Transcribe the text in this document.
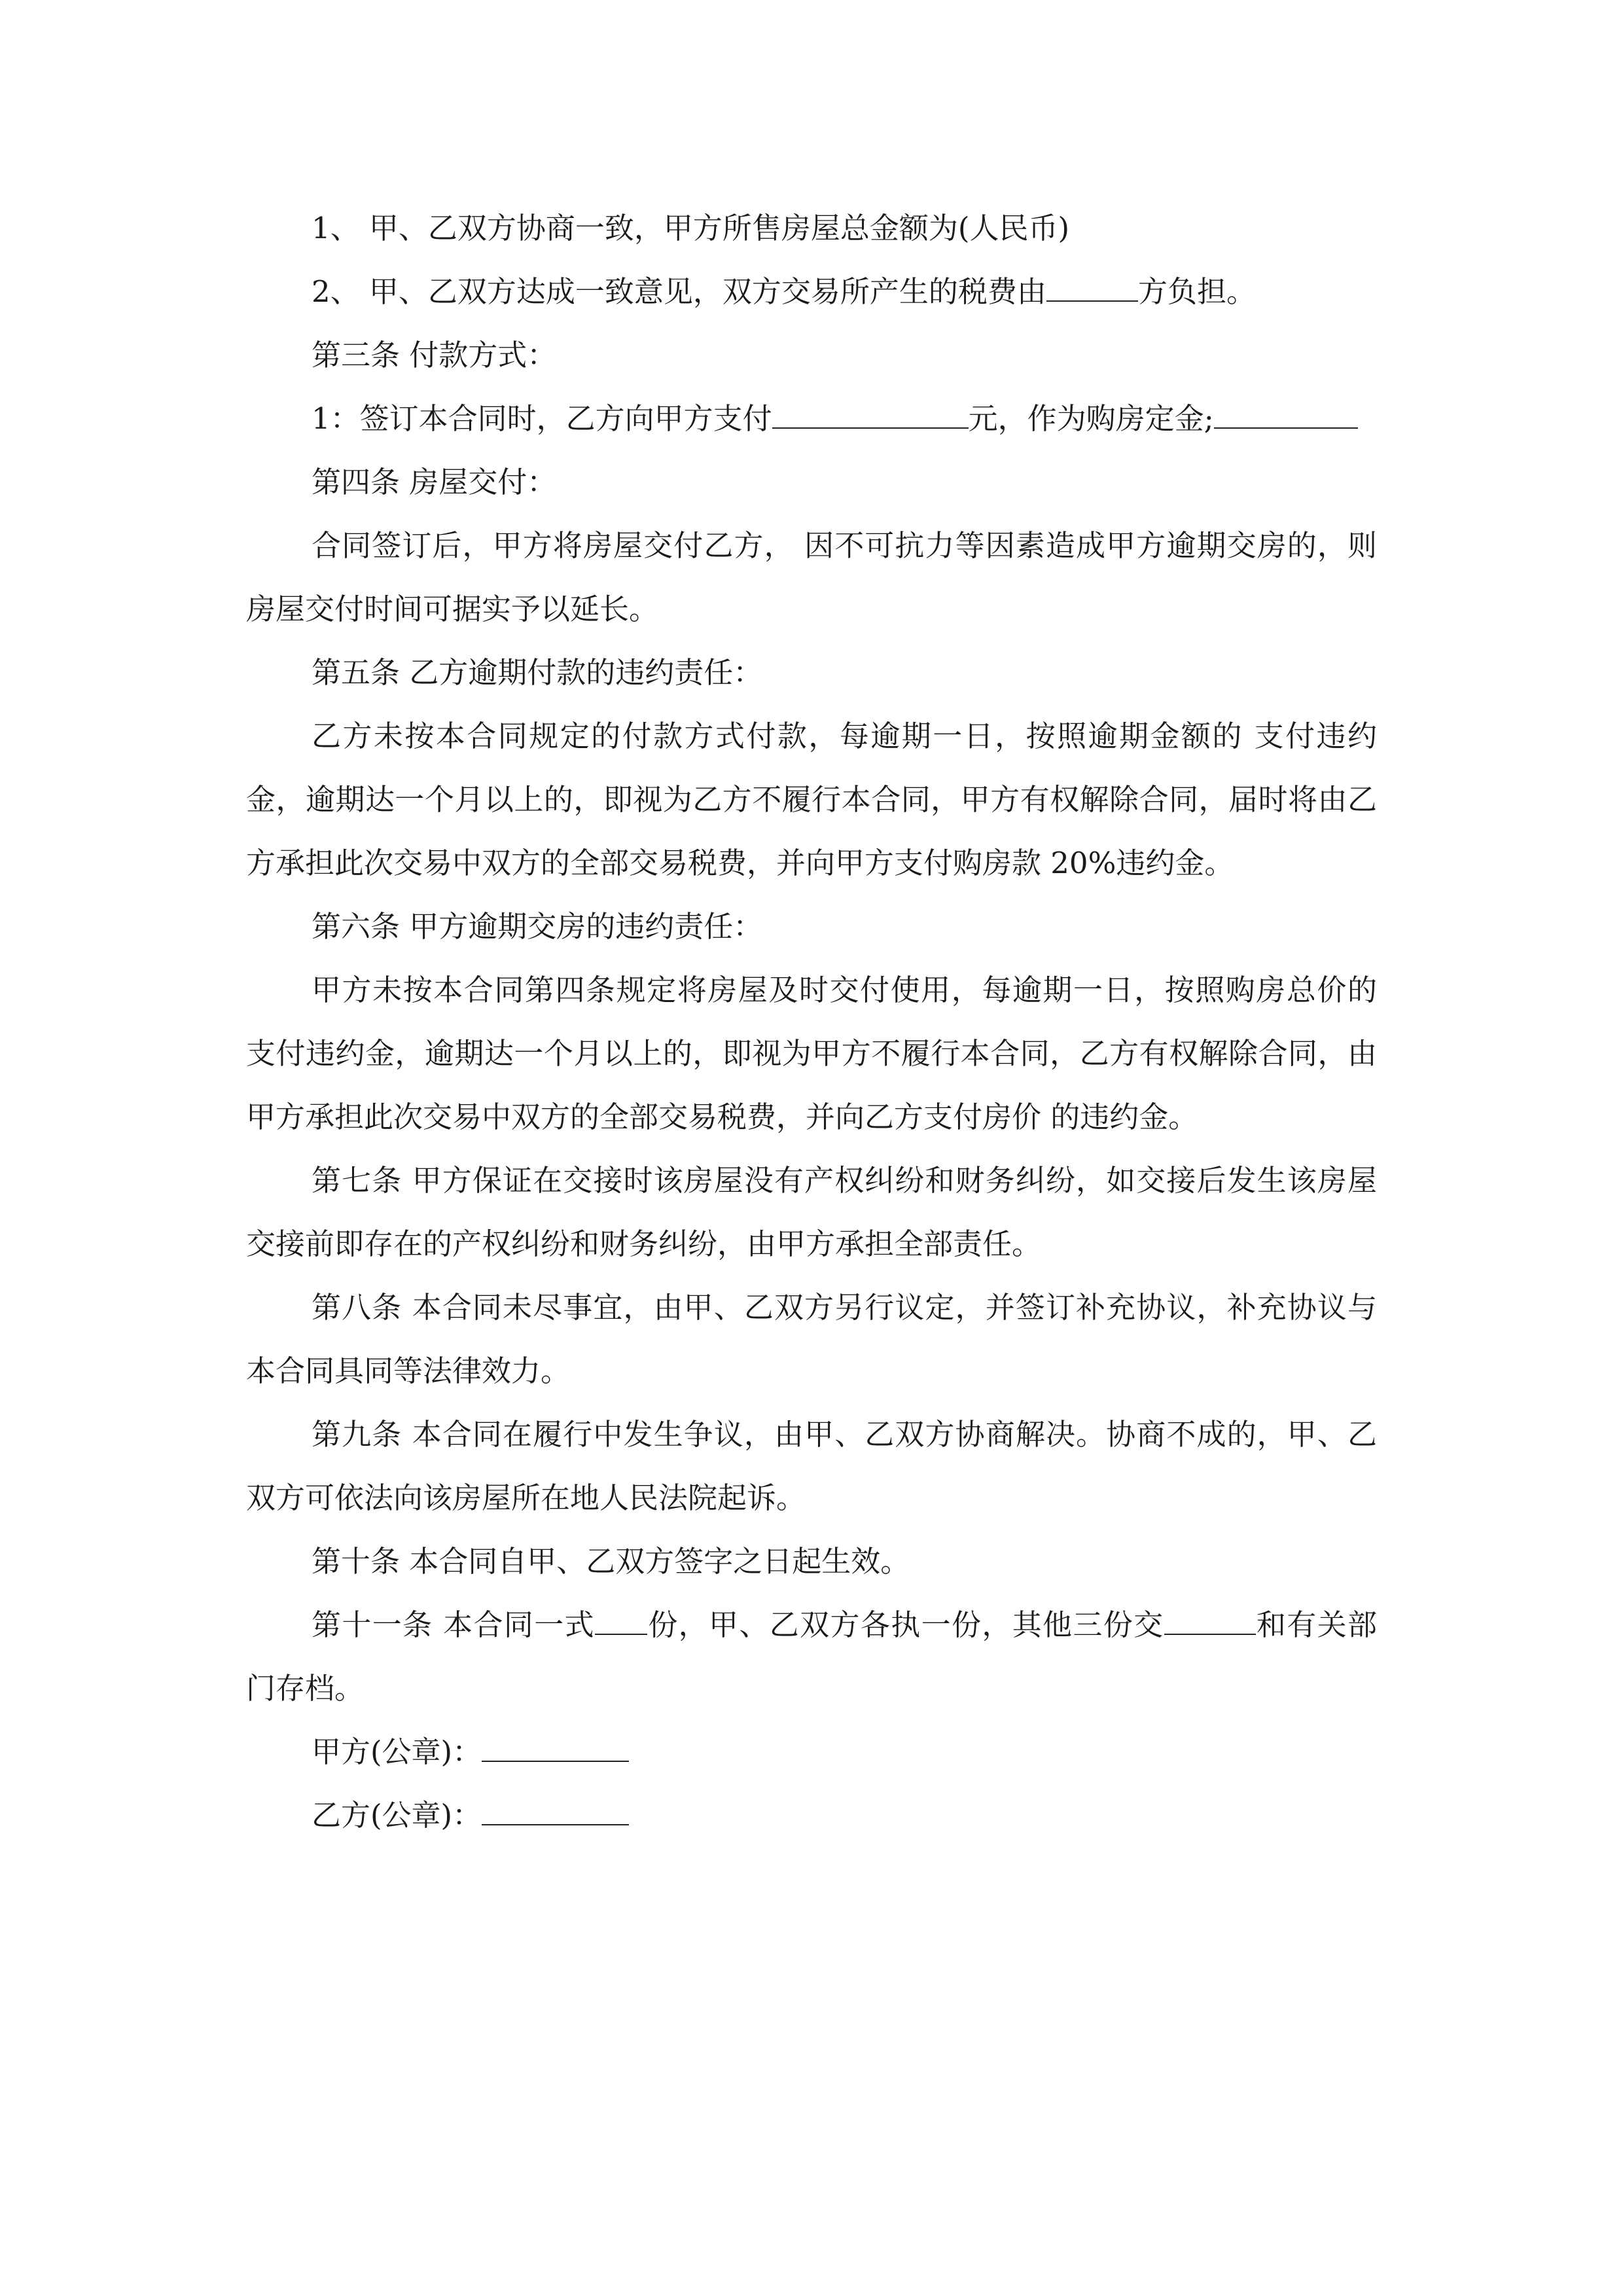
1、 甲、乙双方协商一致，甲方所售房屋总金额为(人民币)

2、 甲、乙双方达成一致意见，双方交易所产生的税费由	方负担。

第三条 付款方式：

1：签订本合同时，乙方向甲方支付	元，作为购房定金;

第四条 房屋交付：

合同签订后，甲方将房屋交付乙方， 因不可抗力等因素造成甲方逾期交房的，则房屋交付时间可据实予以延长。

第五条 乙方逾期付款的违约责任：

乙方未按本合同规定的付款方式付款，每逾期一日，按照逾期金额的 支付违约金，逾期达一个月以上的，即视为乙方不履行本合同，甲方有权解除合同，届时将由乙方承担此次交易中双方的全部交易税费，并向甲方支付购房款 20%违约金。

第六条 甲方逾期交房的违约责任：

甲方未按本合同第四条规定将房屋及时交付使用，每逾期一日，按照购房总价的 支付违约金，逾期达一个月以上的，即视为甲方不履行本合同，乙方有权解除合同，由甲方承担此次交易中双方的全部交易税费，并向乙方支付房价 的违约金。

第七条 甲方保证在交接时该房屋没有产权纠纷和财务纠纷，如交接后发生该房屋交接前即存在的产权纠纷和财务纠纷，由甲方承担全部责任。

第八条 本合同未尽事宜，由甲、乙双方另行议定，并签订补充协议，补充协议与本合同具同等法律效力。

第九条 本合同在履行中发生争议，由甲、乙双方协商解决。协商不成的，甲、乙双方可依法向该房屋所在地人民法院起诉。

第十条 本合同自甲、乙双方签字之日起生效。

第十一条 本合同一式 份，甲、乙双方各执一份，其他三份交	和有关部门存档。

甲方(公章)：

乙方(公章)：
